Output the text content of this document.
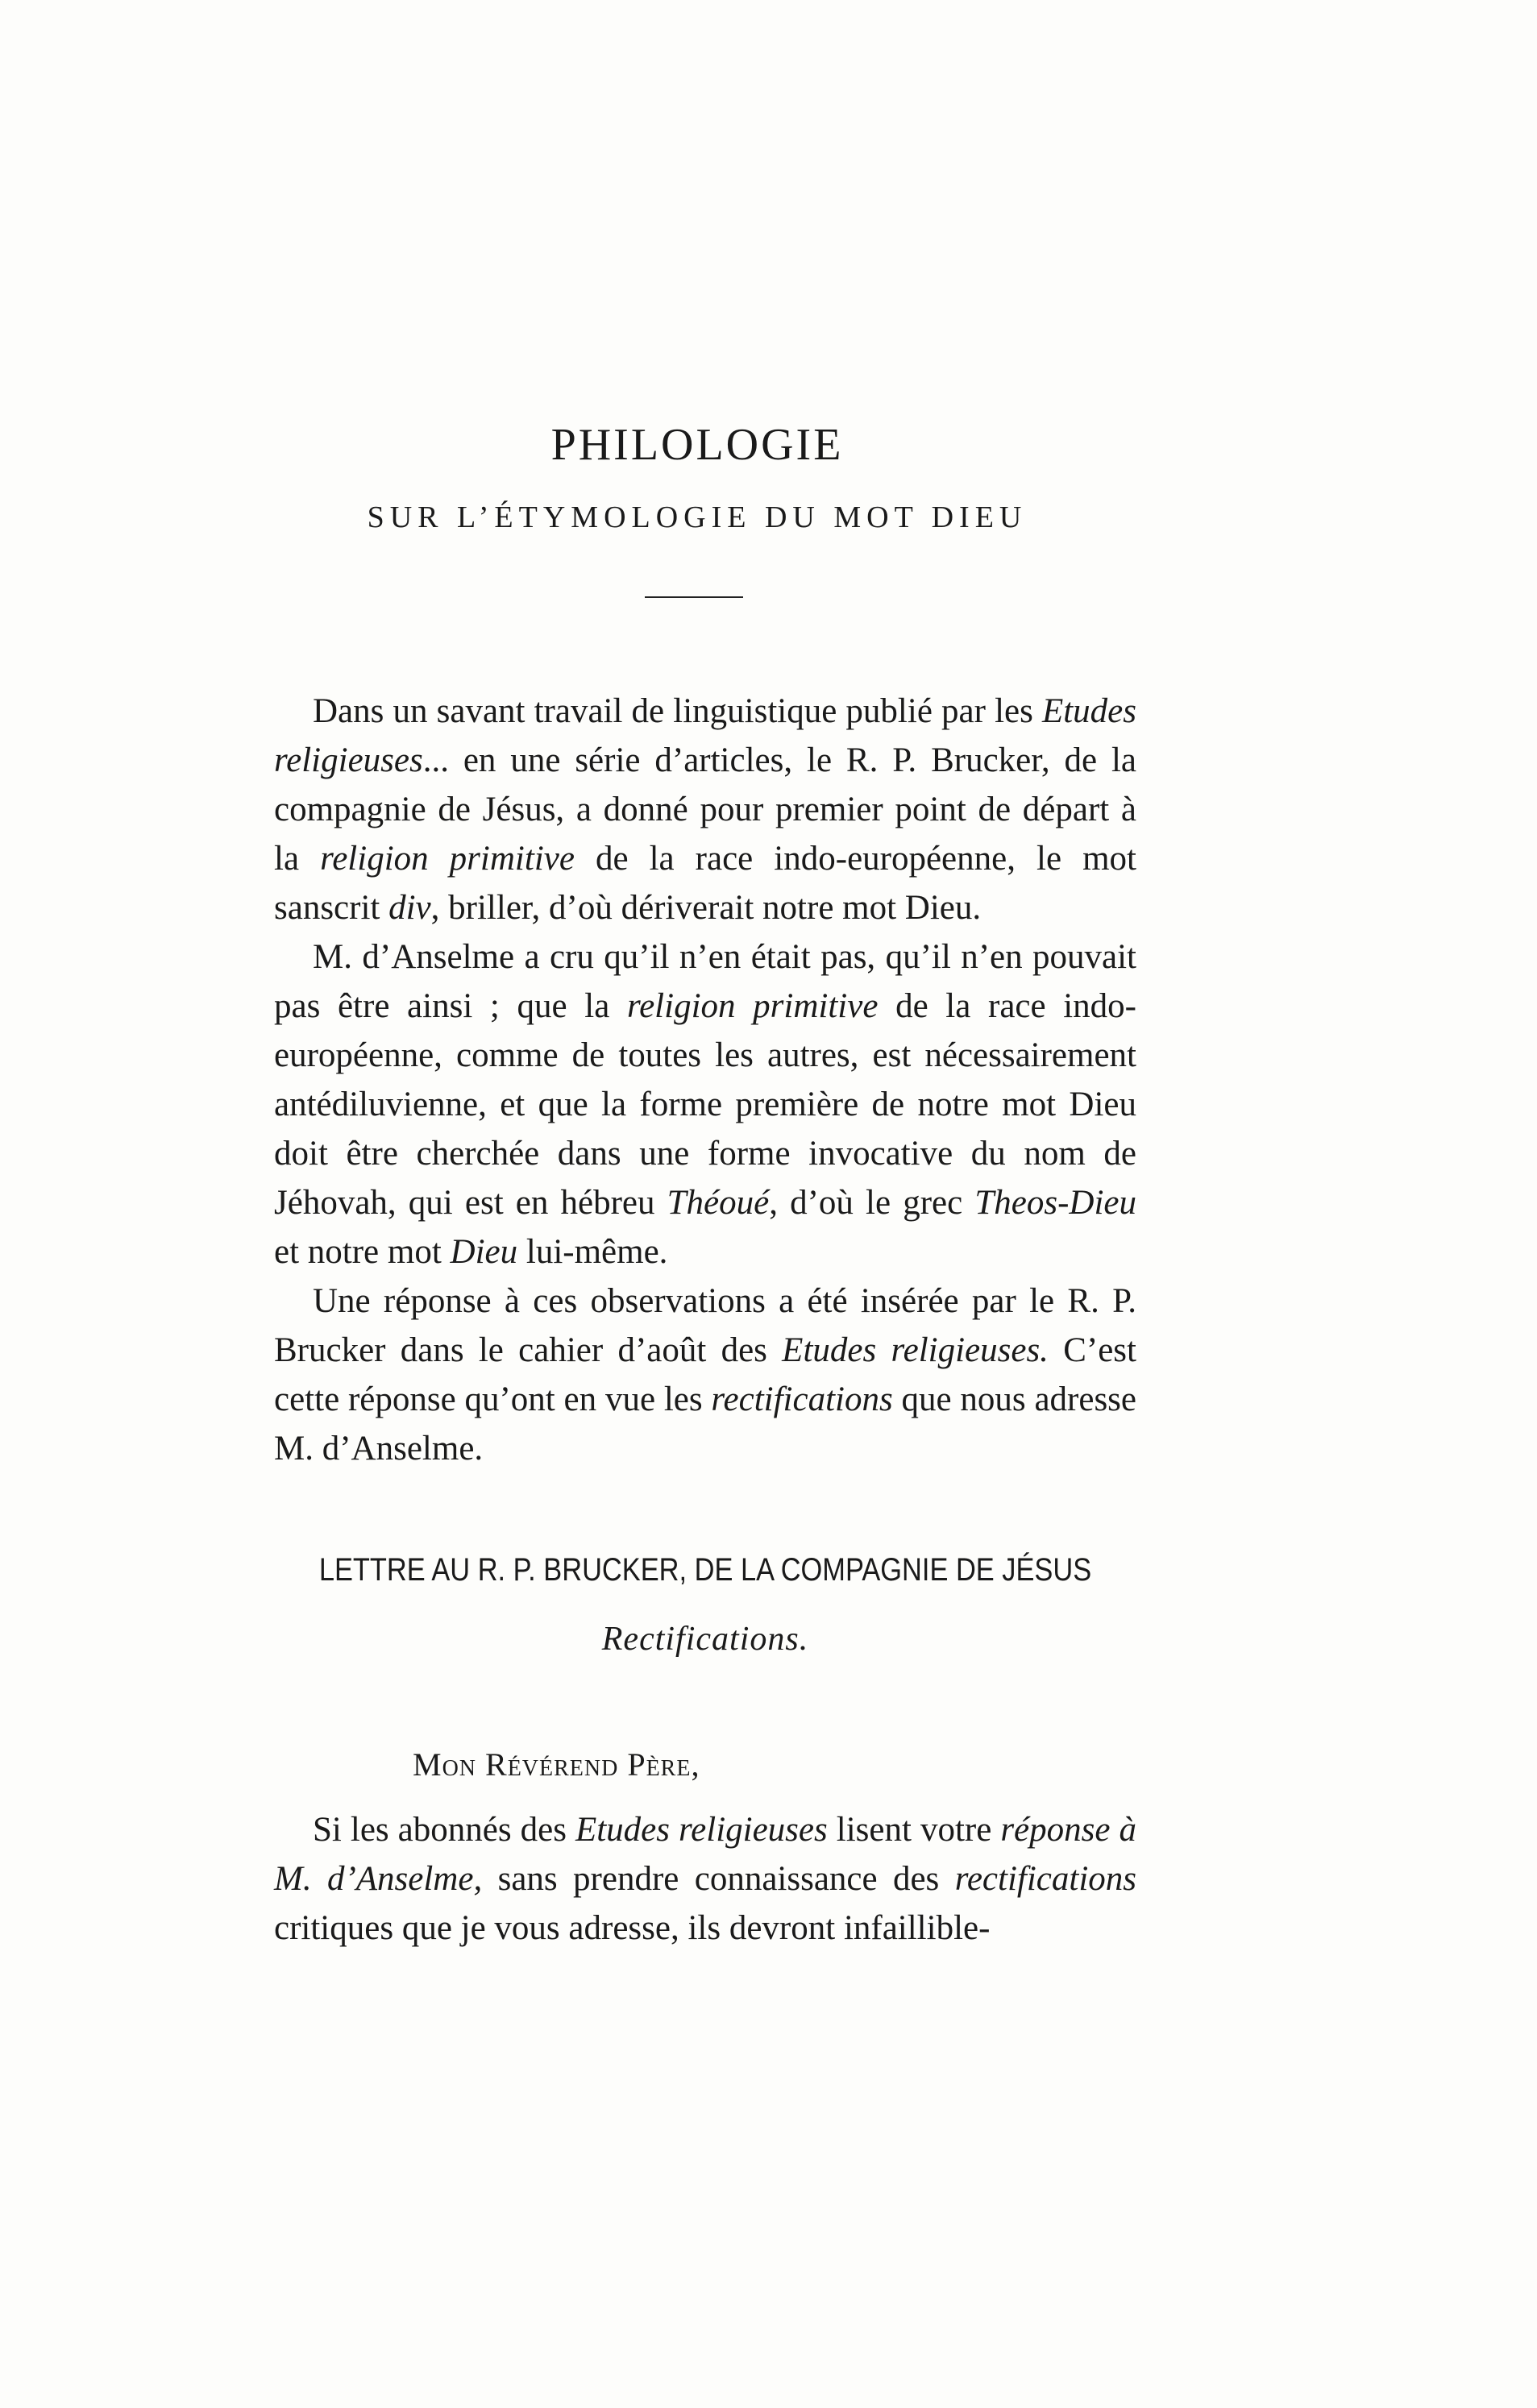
PHILOLOGIE
SUR L’ÉTYMOLOGIE DU MOT DIEU

Dans un savant travail de linguistique publié par les Etudes religieuses... en une série d’articles, le R. P. Brucker, de la compagnie de Jésus, a donné pour premier point de départ à la religion primitive de la race indo-européenne, le mot sanscrit div, briller, d’où dériverait notre mot Dieu.

M. d’Anselme a cru qu’il n’en était pas, qu’il n’en pouvait pas être ainsi ; que la religion primitive de la race indo-européenne, comme de toutes les autres, est nécessairement antédiluvienne, et que la forme première de notre mot Dieu doit être cherchée dans une forme invocative du nom de Jéhovah, qui est en hébreu Théoué, d’où le grec Theos-Dieu et notre mot Dieu lui-même.

Une réponse à ces observations a été insérée par le R. P. Brucker dans le cahier d’août des Etudes religieuses. C’est cette réponse qu’ont en vue les rectifications que nous adresse M. d’Anselme.

LETTRE AU R. P. BRUCKER, DE LA COMPAGNIE DE JÉSUS
Rectifications.
Mon Révérend Père,

Si les abonnés des Etudes religieuses lisent votre réponse à M. d’Anselme, sans prendre connaissance des rectifications critiques que je vous adresse, ils devront infaillible-
